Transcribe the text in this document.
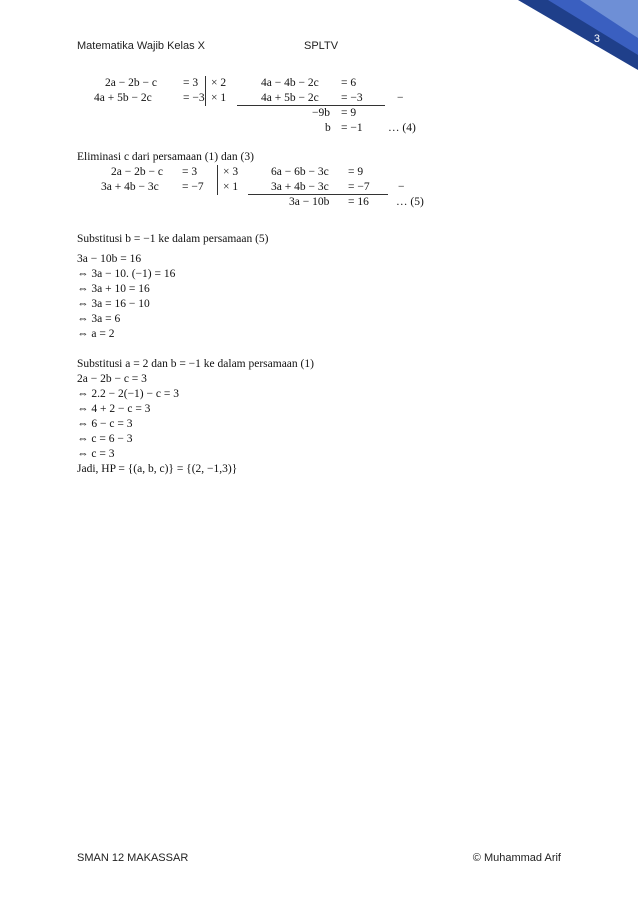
Matematika Wajib Kelas X	SPLTV
3
2a − 2b − c = 3 × 2
4a + 5b − 2c	= −3 × 1
4a − 4b − 2c = 6
4a + 5b − 2c = −3	−
−9b = 9
b = −1 … (4)
Eliminasi c dari persamaan (1) dan (3)
2a − 2b − c = 3 × 3
3a + 4b − 3c = −7 × 1
6a − 6b − 3c = 9
3a + 4b − 3c = −7 −
3a − 10b = 16 … (5)
Substitusi b = −1 ke dalam persamaan (5)
3a − 10b = 16
⇔ 3a − 10. (−1) = 16
⇔ 3a + 10 = 16
⇔ 3a = 16 − 10
⇔ 3a = 6
⇔ a = 2
Substitusi a = 2 dan b = −1 ke dalam persamaan (1)
2a − 2b − c = 3
⇔ 2.2 − 2(−1) − c = 3
⇔ 4 + 2 − c = 3
⇔ 6 − c = 3
⇔ c = 6 − 3
⇔ c = 3
Jadi, HP = {(a, b, c)} = {(2, −1,3)}
SMAN 12 MAKASSAR	© Muhammad Arif
